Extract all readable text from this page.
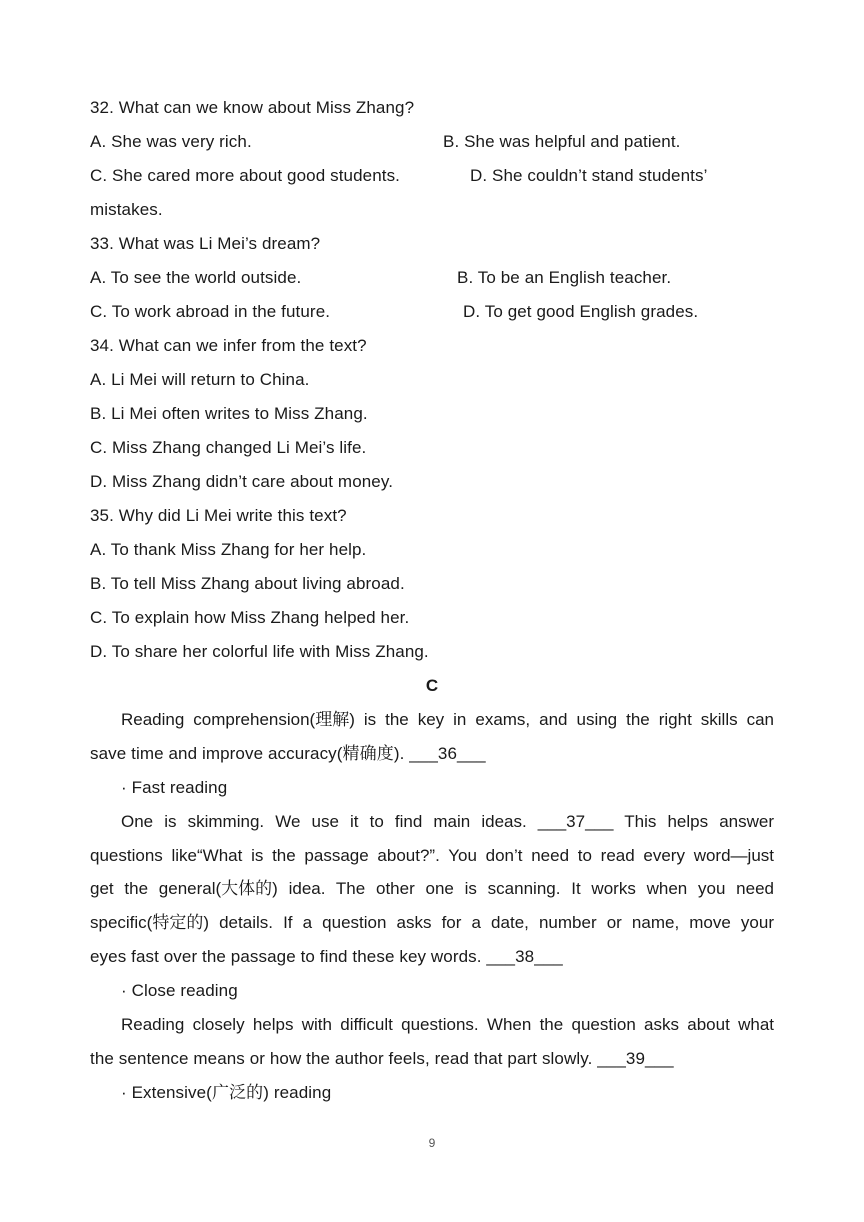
32. What can we know about Miss Zhang?
A. She was very rich.	B. She was helpful and patient.
C. She cared more about good students.	D. She couldn’t stand students’
mistakes.
33. What was Li Mei’s dream?
A. To see the world outside.	B. To be an English teacher.
C. To work abroad in the future.	D. To get good English grades.
34. What can we infer from the text?
A. Li Mei will return to China.
B. Li Mei often writes to Miss Zhang.
C. Miss Zhang changed Li Mei’s life.
D. Miss Zhang didn’t care about money.
35. Why did Li Mei write this text?
A. To thank Miss Zhang for her help.
B. To tell Miss Zhang about living abroad.
C. To explain how Miss Zhang helped her.
D. To share her colorful life with Miss Zhang.
C
Reading comprehension(理解) is the key in exams, and using the right skills can
save time and improve accuracy(精确度). ___36___
· Fast reading
One is skimming. We use it to find main ideas. ___37___ This helps answer
questions like“What is the passage about?”. You don’t need to read every word—just
get the general(大体的) idea. The other one is scanning. It works when you need
specific(特定的) details. If a question asks for a date, number or name, move your
eyes fast over the passage to find these key words. ___38___
· Close reading
Reading closely helps with difficult questions. When the question asks about what
the sentence means or how the author feels, read that part slowly. ___39___
· Extensive(广泛的) reading
9
